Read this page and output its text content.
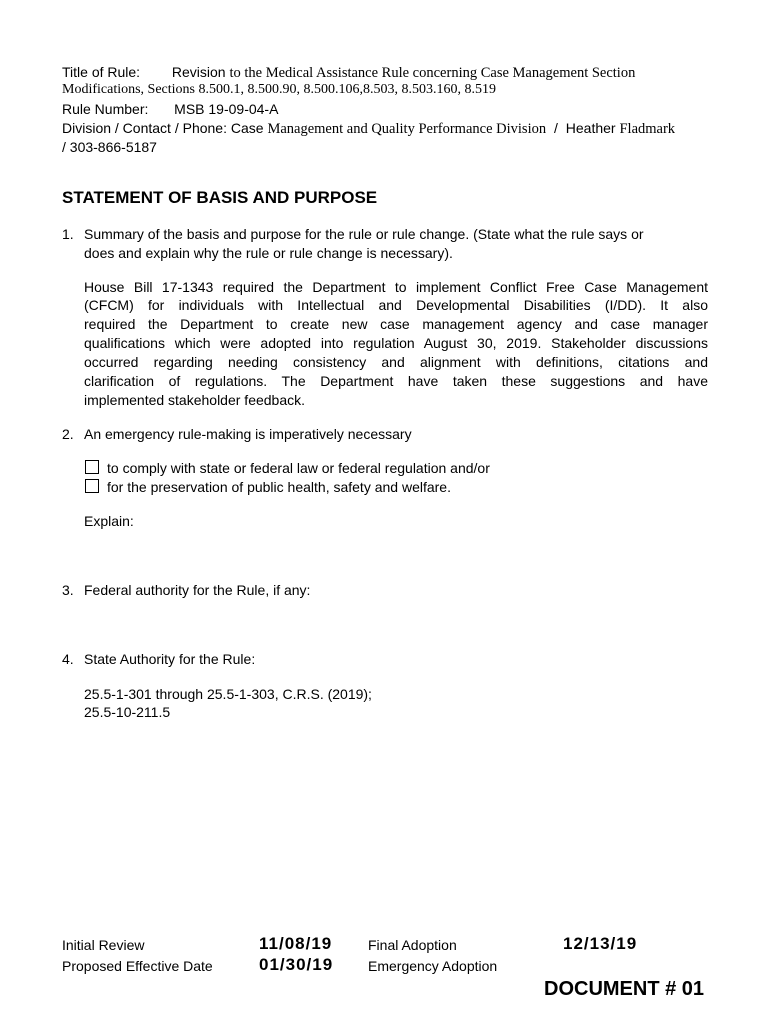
Title of Rule: Revision to the Medical Assistance Rule concerning Case Management Section
Modifications, Sections 8.500.1, 8.500.90, 8.500.106,8.503, 8.503.160, 8.519
Rule Number: MSB 19-09-04-A
Division / Contact / Phone: Case Management and Quality Performance Division / Heather Fladmark
/ 303-866-5187
STATEMENT OF BASIS AND PURPOSE
1. Summary of the basis and purpose for the rule or rule change. (State what the rule says or
does and explain why the rule or rule change is necessary).
House Bill 17-1343 required the Department to implement Conflict Free Case Management
(CFCM) for individuals with Intellectual and Developmental Disabilities (I/DD). It also
required the Department to create new case management agency and case manager
qualifications which were adopted into regulation August 30, 2019. Stakeholder discussions
occurred regarding needing consistency and alignment with definitions, citations and
clarification of regulations. The Department have taken these suggestions and have
implemented stakeholder feedback.
2. An emergency rule-making is imperatively necessary
to comply with state or federal law or federal regulation and/or
for the preservation of public health, safety and welfare.
Explain:
3. Federal authority for the Rule, if any:
4. State Authority for the Rule:
25.5-1-301 through 25.5-1-303, C.R.S. (2019);
25.5-10-211.5
Initial Review	11/08/19	Final Adoption	12/13/19
Proposed Effective Date	01/30/19 Emergency Adoption
DOCUMENT # 01
